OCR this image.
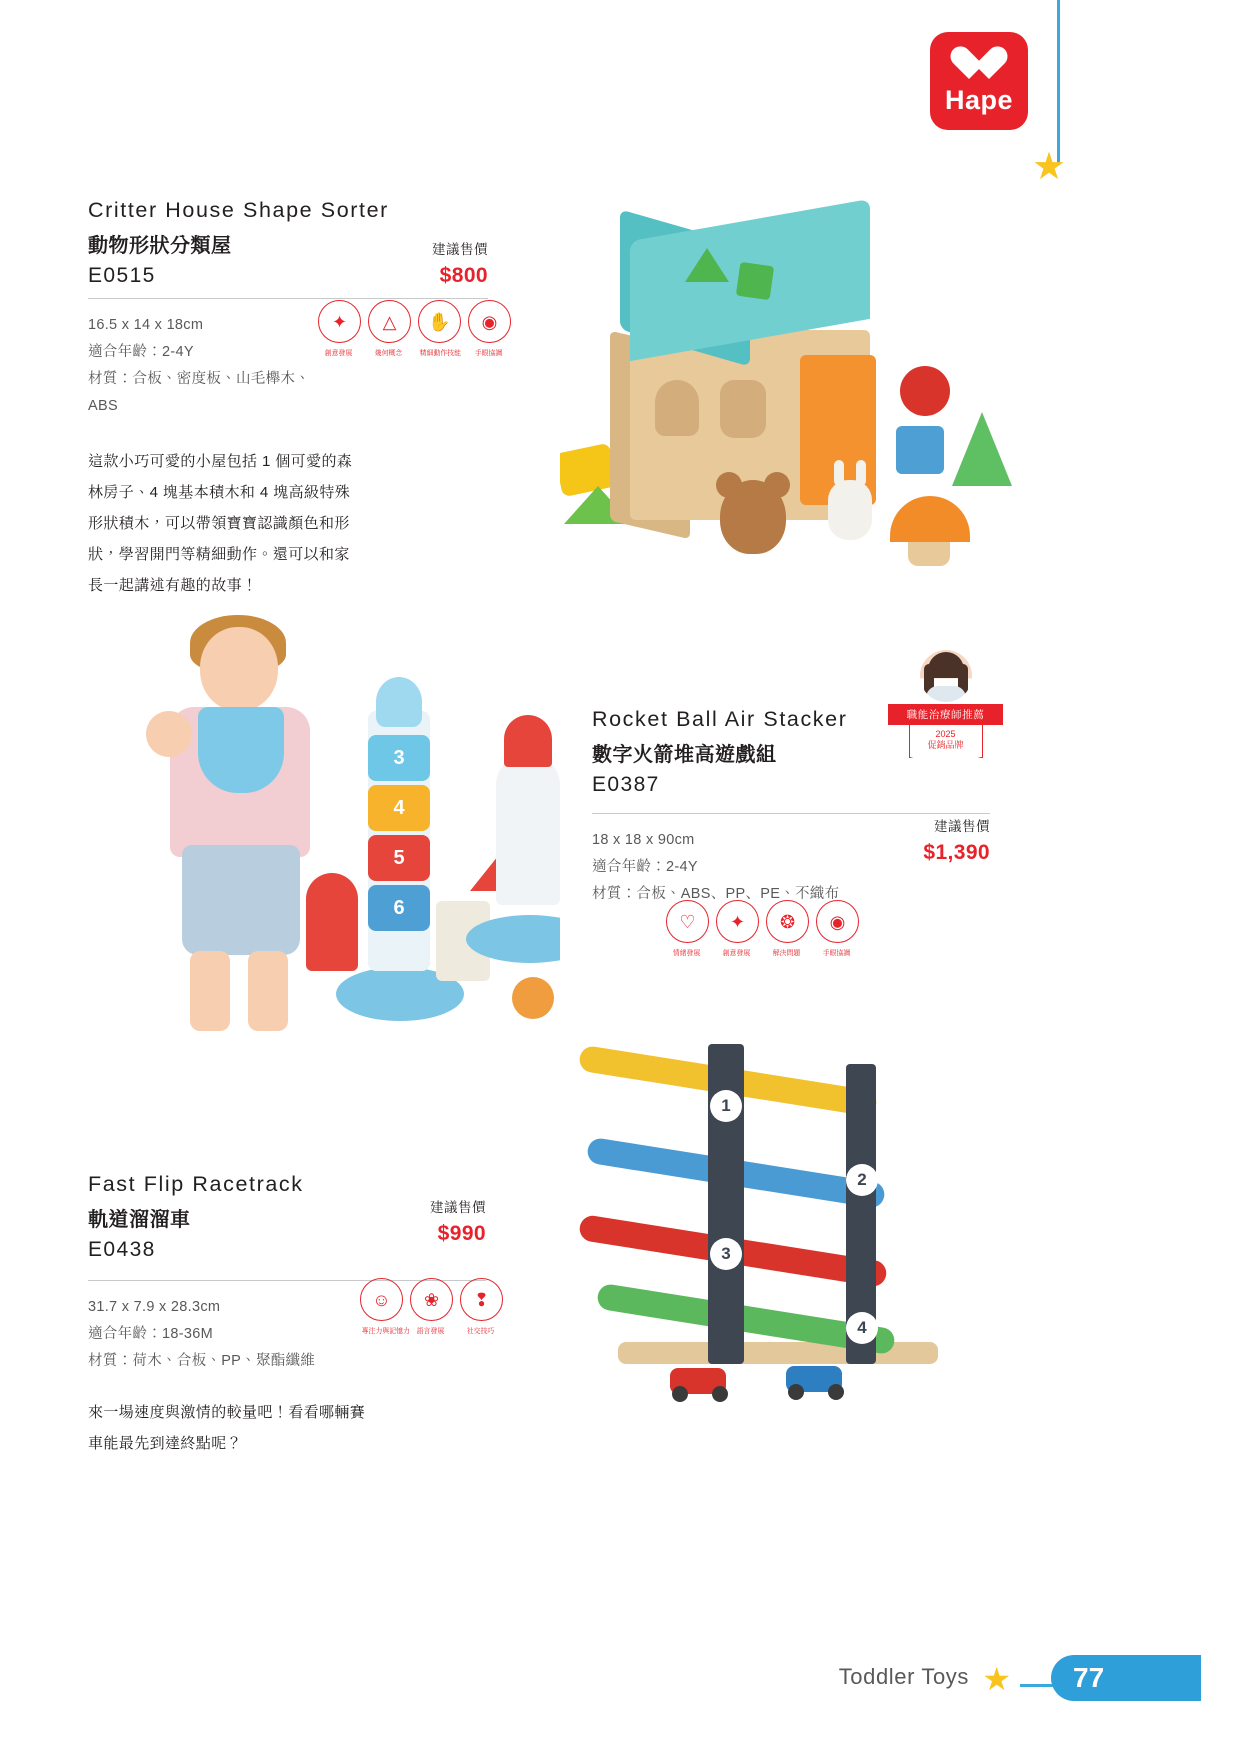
Hape
★
Critter House Shape Sorter
動物形狀分類屋
E0515
建議售價
$800
16.5 x 14 x 18cm
適合年齡：2-4Y
材質：合板、密度板、山毛櫸木、ABS
這款小巧可愛的小屋包括 1 個可愛的森林房子、4 塊基本積木和 4 塊高級特殊形狀積木，可以帶領寶寶認識顏色和形狀，學習開門等精細動作。還可以和家長一起講述有趣的故事！
✦
創意發展
△
幾何概念
✋
精細動作技能
◉
手眼協調
3
4
5
6
Rocket Ball Air Stacker
數字火箭堆高遊戲組
E0387
18 x 18 x 90cm
適合年齡：2-4Y
材質：合板、ABS、PP、PE、不織布
建議售價
$1,390
♡
情緒發展
✦
創意發展
❂
解決問題
◉
手眼協調
職能治療師推薦
2025
促銷品牌
1
2
3
4
Fast Flip Racetrack
軌道溜溜車
E0438
建議售價
$990
31.7 x 7.9 x 28.3cm
適合年齡：18-36M
材質：荷木、合板、PP、聚酯纖維
來一場速度與激情的較量吧！看看哪輛賽車能最先到達終點呢？
☺
專注力與記憶力
❀
語言發展
❢
社交技巧
Toddler Toys ★	77
